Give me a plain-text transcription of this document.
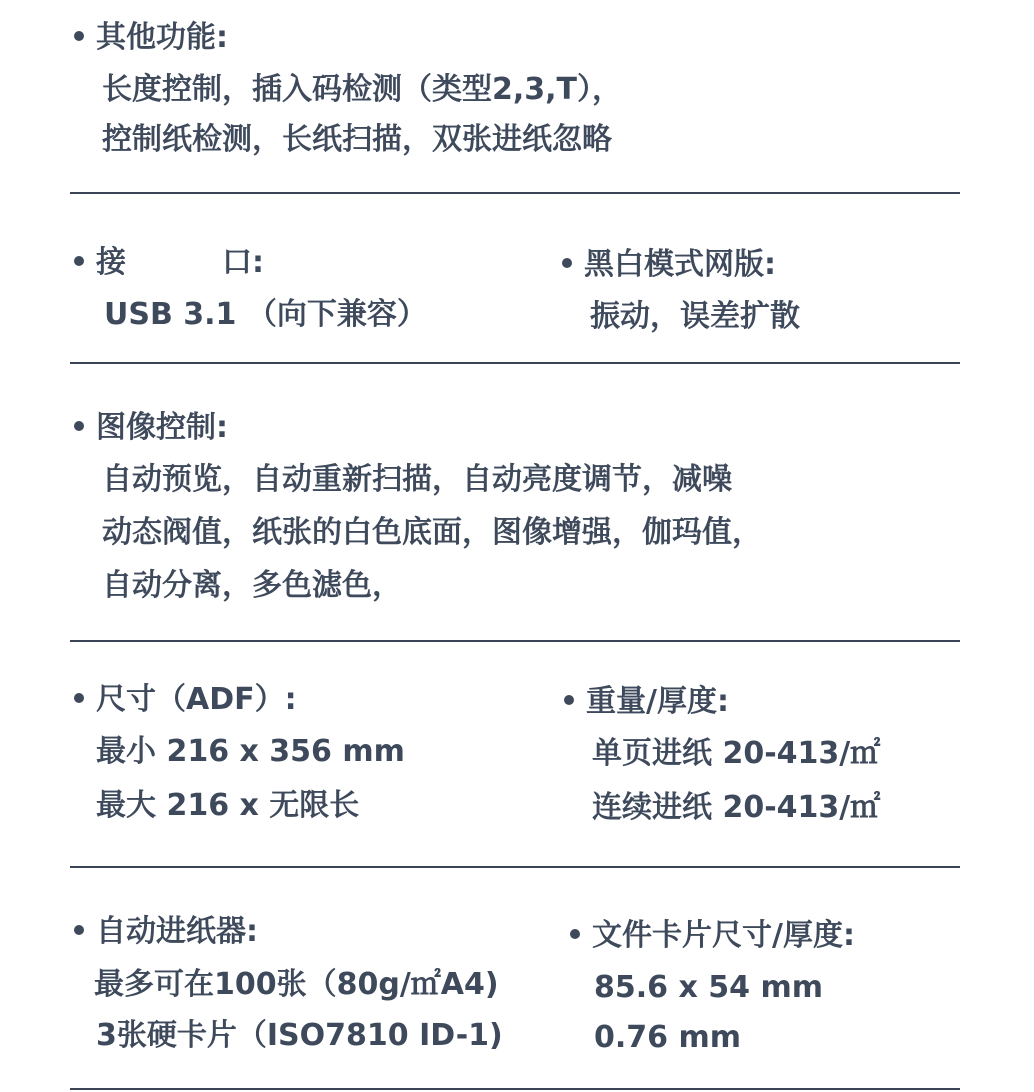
其他功能:
长度控制，插入码检测（类型2,3,T），
控制纸检测，长纸扫描，双张进纸忽略
接	口:
USB 3.1 （向下兼容）
黑白模式网版:
振动，误差扩散
图像控制:
自动预览，自动重新扫描，自动亮度调节，减噪
动态阀值，纸张的白色底面，图像增强，伽玛值，
自动分离，多色滤色，
尺寸（ADF）:
最小 216 x 356 mm
最大 216 x 无限长
重量/厚度:
单页进纸 20-413/㎡
连续进纸 20-413/㎡
自动进纸器:
最多可在100张（80g/㎡A4)
3张硬卡片（ISO7810 ID-1)
文件卡片尺寸/厚度:
85.6 x 54 mm
0.76 mm
